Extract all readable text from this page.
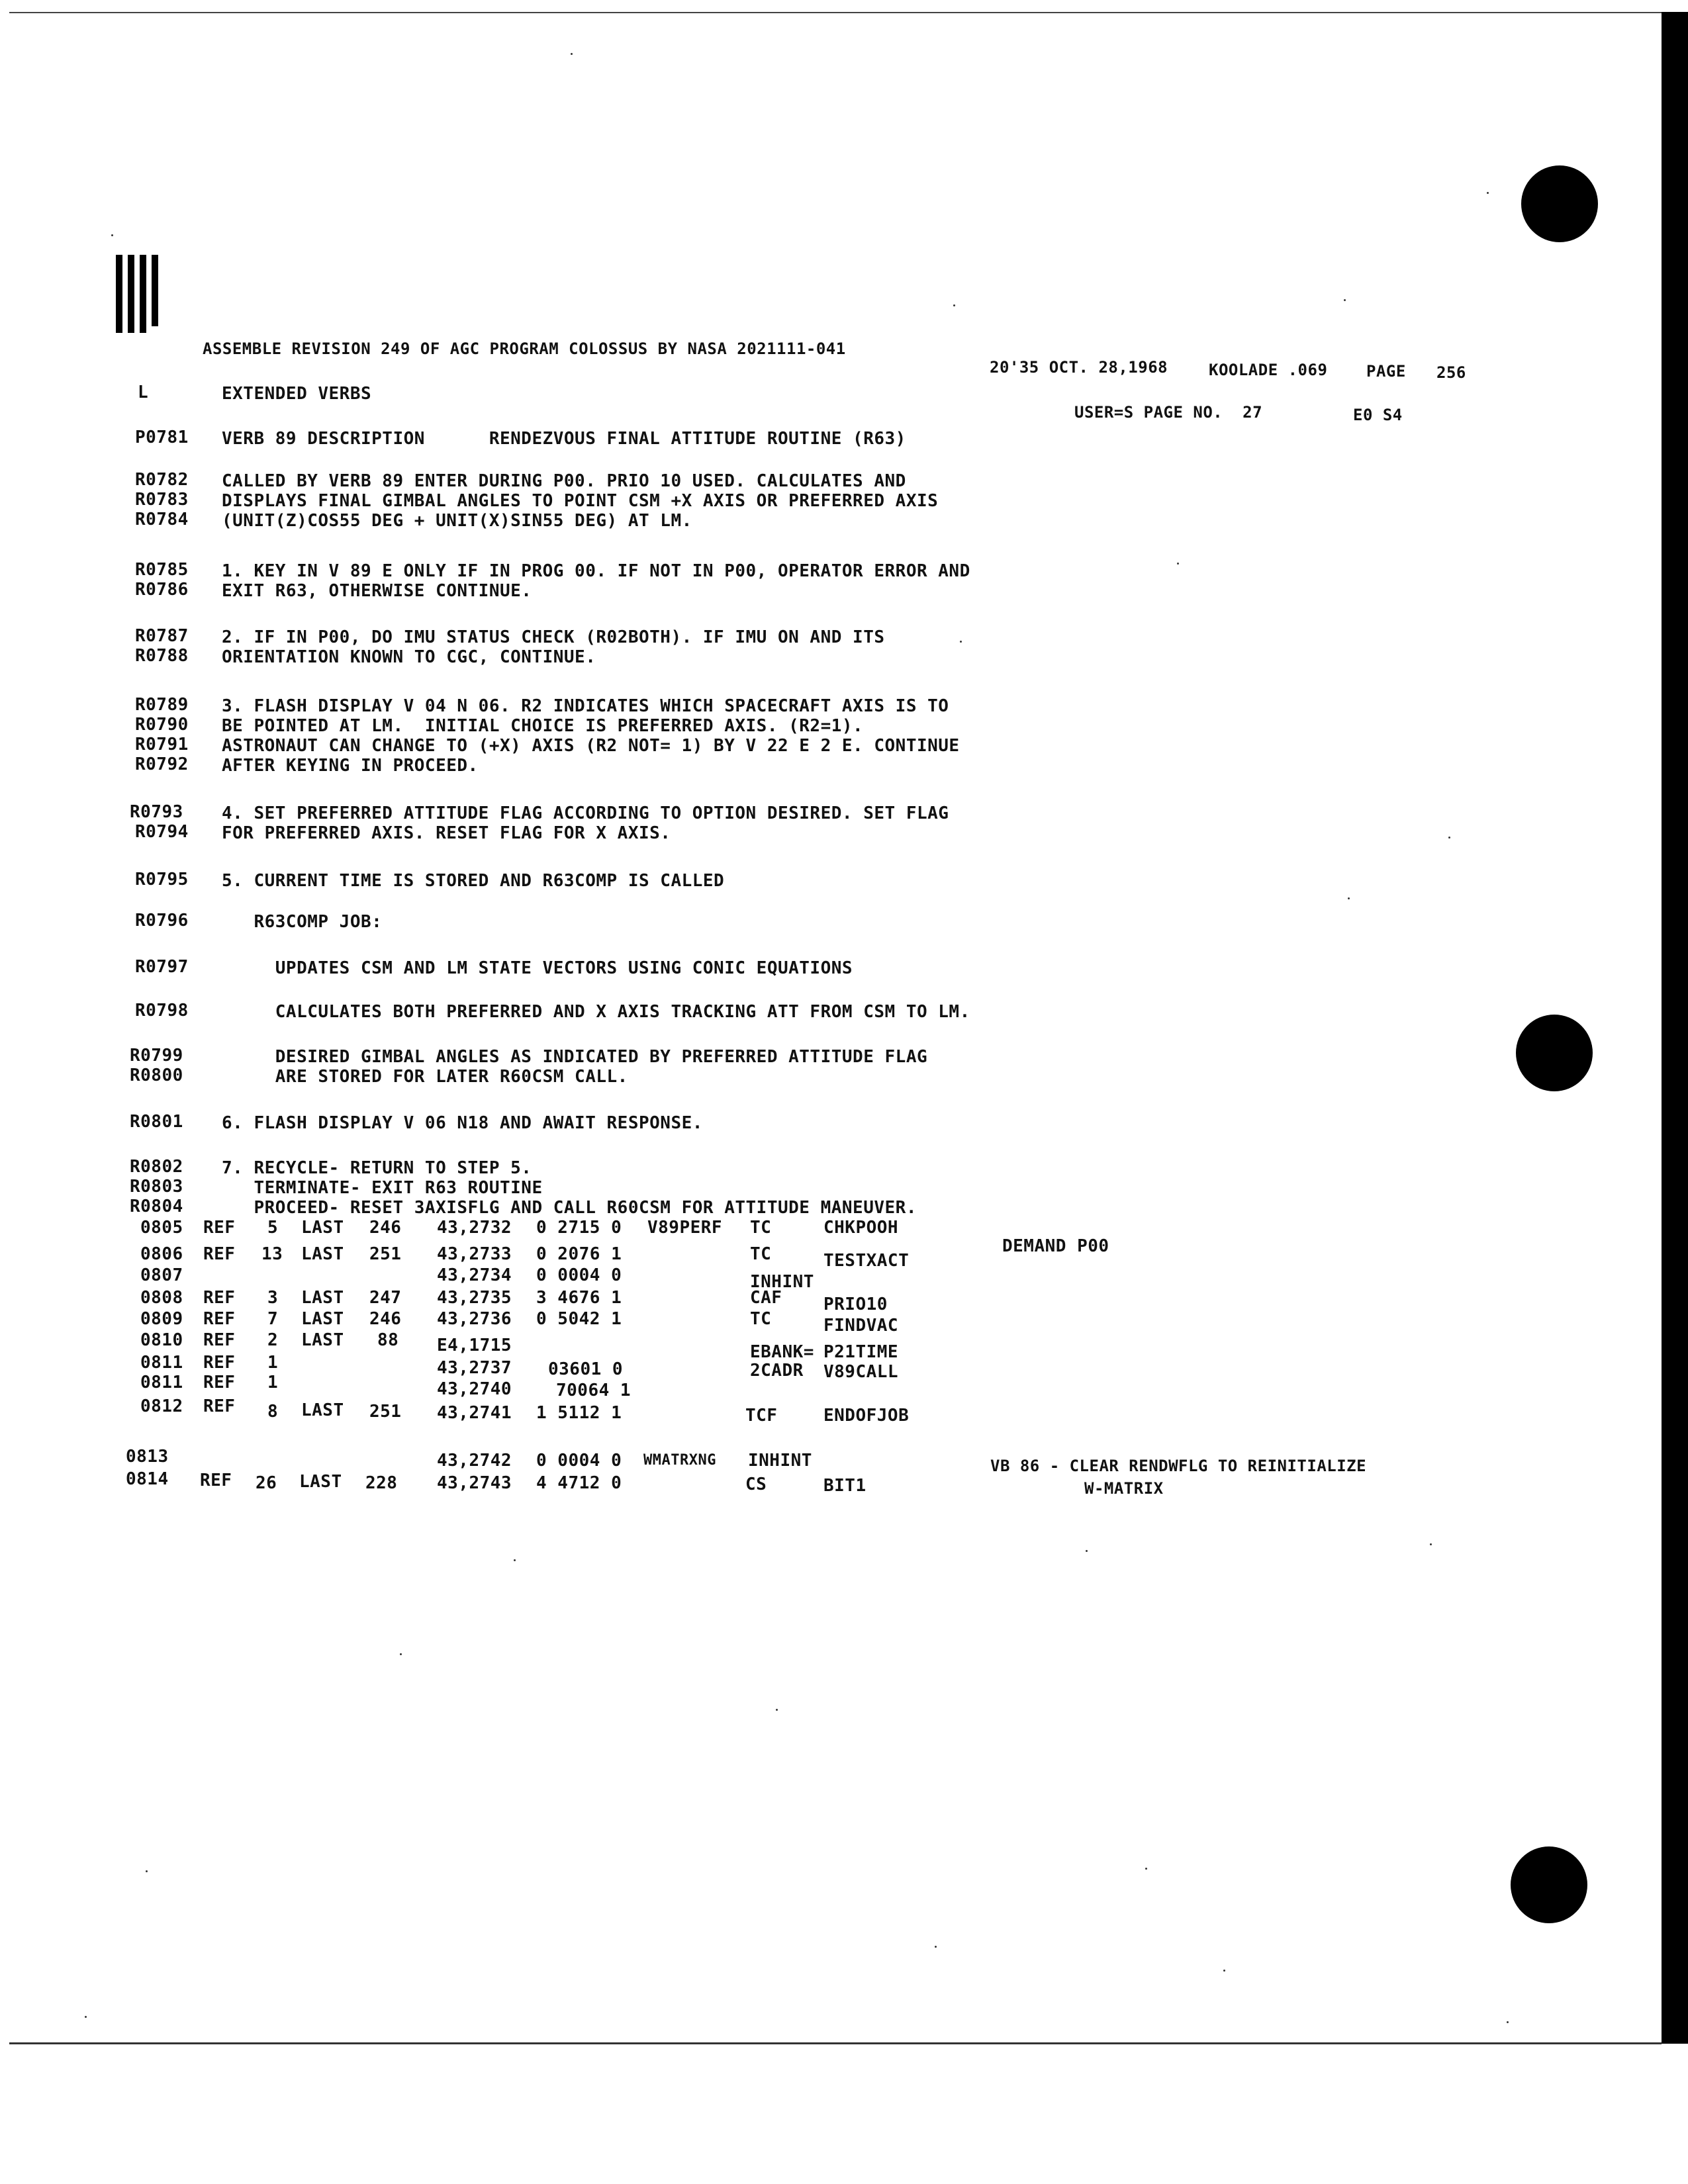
ASSEMBLE REVISION 249 OF AGC PROGRAM COLOSSUS BY NASA 2021111-041
20'35 OCT. 28,1968	KOOLADE .069 PAGE 256
L	EXTENDED VERBS
USER=S PAGE NO.  27	E0 S4
P0781 VERB 89 DESCRIPTION      RENDEZVOUS FINAL ATTITUDE ROUTINE (R63)
R0782 CALLED BY VERB 89 ENTER DURING P00. PRIO 10 USED. CALCULATES AND
R0783 DISPLAYS FINAL GIMBAL ANGLES TO POINT CSM +X AXIS OR PREFERRED AXIS
R0784 (UNIT(Z)COS55 DEG + UNIT(X)SIN55 DEG) AT LM.
R0785 1. KEY IN V 89 E ONLY IF IN PROG 00. IF NOT IN P00, OPERATOR ERROR AND
R0786 EXIT R63, OTHERWISE CONTINUE.
R0787 2. IF IN P00, DO IMU STATUS CHECK (R02BOTH). IF IMU ON AND ITS
R0788 ORIENTATION KNOWN TO CGC, CONTINUE.
R0789 3. FLASH DISPLAY V 04 N 06. R2 INDICATES WHICH SPACECRAFT AXIS IS TO
R0790 BE POINTED AT LM.  INITIAL CHOICE IS PREFERRED AXIS. (R2=1).
R0791 ASTRONAUT CAN CHANGE TO (+X) AXIS (R2 NOT= 1) BY V 22 E 2 E. CONTINUE
R0792 AFTER KEYING IN PROCEED.
R0793 4. SET PREFERRED ATTITUDE FLAG ACCORDING TO OPTION DESIRED. SET FLAG
R0794 FOR PREFERRED AXIS. RESET FLAG FOR X AXIS.
R0795 5. CURRENT TIME IS STORED AND R63COMP IS CALLED
R0796 R63COMP JOB:
R0797 UPDATES CSM AND LM STATE VECTORS USING CONIC EQUATIONS
R0798 CALCULATES BOTH PREFERRED AND X AXIS TRACKING ATT FROM CSM TO LM.
R0799 DESIRED GIMBAL ANGLES AS INDICATED BY PREFERRED ATTITUDE FLAG
R0800 ARE STORED FOR LATER R60CSM CALL.
R0801 6. FLASH DISPLAY V 06 N18 AND AWAIT RESPONSE.
R0802 7. RECYCLE- RETURN TO STEP 5.
R0803 TERMINATE- EXIT R63 ROUTINE
R0804 PROCEED- RESET 3AXISFLG AND CALL R60CSM FOR ATTITUDE MANEUVER.
0805 REF 5 LAST 246 43,2732 0 2715 0 V89PERF TC	CHKPOOH
DEMAND P00
0806 REF 13 LAST 251 43,2733 0 2076 1	TC	TESTXACT
0807	43,2734 0 0004 0	INHINT
0808 REF 3 LAST 247 43,2735 3 4676 1	CAF PRIO10
0809 REF 7 LAST 246 43,2736 0 5042 1	TC	FINDVAC
0810 REF 2 LAST 88 E4,1715	EBANK= P21TIME
0811 REF 1	43,2737 03601 0	2CADR V89CALL
0811 REF 1	43,2740	70064 1
0812 REF 8 LAST 251 43,2741 1 5112 1	TCF	ENDOFJOB
0813	43,2742 0 0004 0 WMATRXNG INHINT	VB 86 - CLEAR RENDWFLG TO REINITIALIZE
0814 REF 26 LAST 228 43,2743 4 4712 0	CS	BIT1	W-MATRIX
